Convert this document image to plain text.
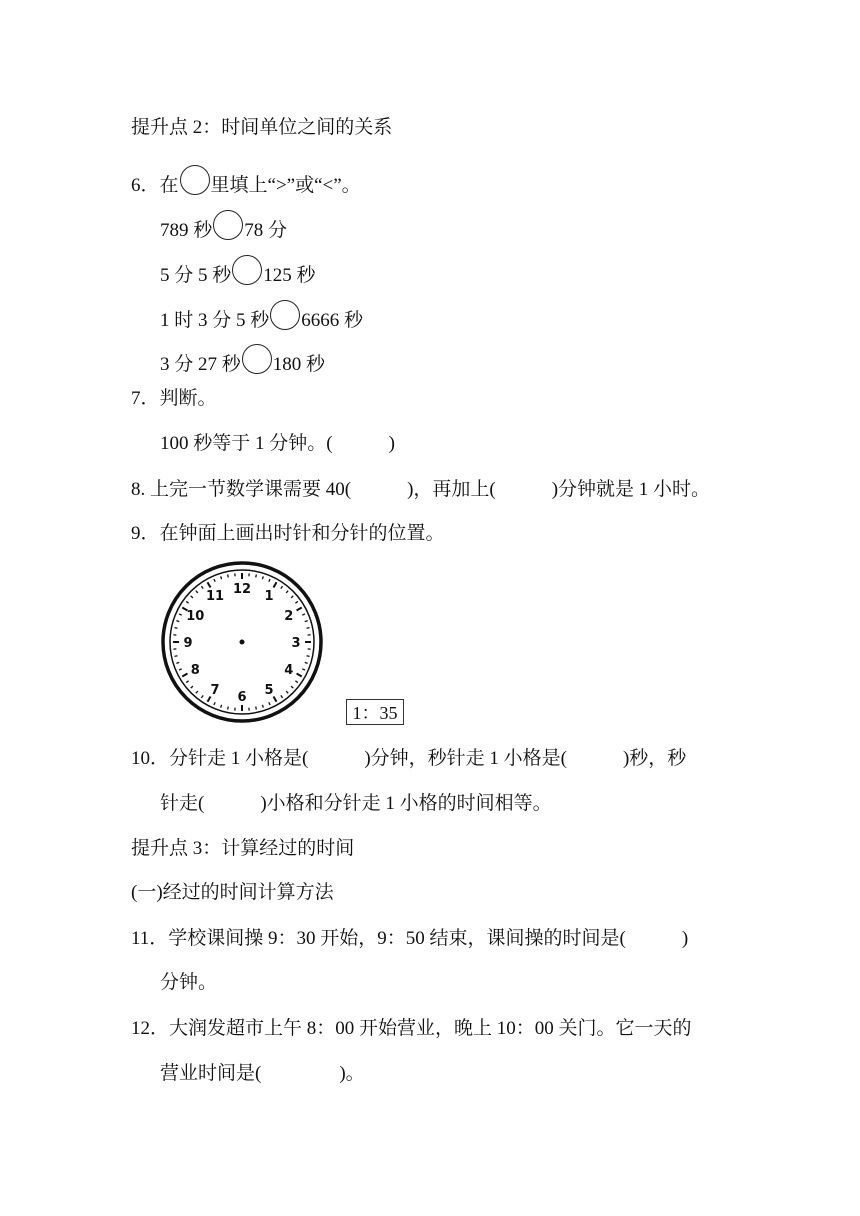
提升点 2：时间单位之间的关系
6．在 里填上“>”或“<”。
789 秒 78 分
5 分 5 秒 125 秒
1 时 3 分 5 秒 6666 秒
3 分 27 秒 180 秒
7．判断。
100 秒等于 1 分钟。(	)
8. 上完一节数学课需要 40(	)，再加上(	)分钟就是 1 小时。
9．在钟面上画出时针和分针的位置。
12 1
2
3
4
5
6
7
8
9
10
11
1：35
10．分针走 1 小格是(	)分钟，秒针走 1 小格是(	)秒，秒
针走(	)小格和分针走 1 小格的时间相等。
提升点 3：计算经过的时间
(一)经过的时间计算方法
11．学校课间操 9：30 开始，9：50 结束，课间操的时间是(	)
分钟。
12．大润发超市上午 8：00 开始营业，晚上 10：00 关门。它一天的
营业时间是(	)。
